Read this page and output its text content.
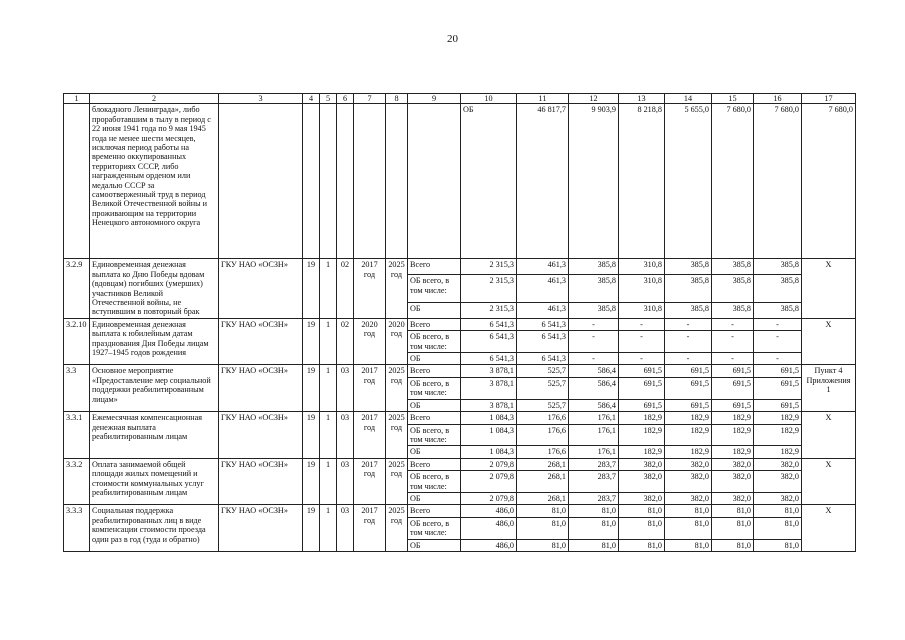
20
1	2	3	4	5	6	7	8	9	10	11	12	13	14	15	16	17	
	блокадного Ленинграда», либо проработавшим в тылу в период с 22 июня 1941 года по 9 мая 1945 года не менее шести месяцев, исключая период работы на временно оккупированных территориях СССР, либо награжденным орденом или медалью СССР за самоотверженный труд в период Великой Отечественной войны и проживающим на территории Ненецкого автономного округа								ОБ	46 817,7	9 903,9	8 218,8	5 655,0	7 680,0	7 680,0	7 680,0	
3.2.9	Единовременная денежная выплата ко Дню Победы вдовам (вдовцам) погибших (умерших) участников Великой Отечественной войны, не вступившим в повторный брак	ГКУ НАО «ОСЗН»	19	1	02	2017 год	2025 год	Всего	2 315,3	461,3	385,8	310,8	385,8	385,8	385,8	Х	
								ОБ всего, в том числе:	2 315,3	461,3	385,8	310,8	385,8	385,8	385,8		
								ОБ	2 315,3	461,3	385,8	310,8	385,8	385,8	385,8		
3.2.10	Единовременная денежная выплата к юбилейным датам празднования Дня Победы лицам 1927–1945 годов рождения	ГКУ НАО «ОСЗН»	19	1	02	2020 год	2020 год	Всего	6 541,3	6 541,3	-	-	-	-	-	Х	
								ОБ всего, в том числе:	6 541,3	6 541,3	-	-	-	-	-		
								ОБ	6 541,3	6 541,3	-	-	-	-	-		
3.3	Основное мероприятие «Предоставление мер социальной поддержки реабилитированным лицам»	ГКУ НАО «ОСЗН»	19	1	03	2017 год	2025 год	Всего	3 878,1	525,7	586,4	691,5	691,5	691,5	691,5	Пункт 4 Приложения 1	
								ОБ всего, в том числе:	3 878,1	525,7	586,4	691,5	691,5	691,5	691,5		
								ОБ	3 878,1	525,7	586,4	691,5	691,5	691,5	691,5		
3.3.1	Ежемесячная компенсационная денежная выплата реабилитированным лицам	ГКУ НАО «ОСЗН»	19	1	03	2017 год	2025 год	Всего	1 084,3	176,6	176,1	182,9	182,9	182,9	182,9	Х	
								ОБ всего, в том числе:	1 084,3	176,6	176,1	182,9	182,9	182,9	182,9		
								ОБ	1 084,3	176,6	176,1	182,9	182,9	182,9	182,9		
3.3.2	Оплата занимаемой общей площади жилых помещений и стоимости коммунальных услуг реабилитированным лицам	ГКУ НАО «ОСЗН»	19	1	03	2017 год	2025 год	Всего	2 079,8	268,1	283,7	382,0	382,0	382,0	382,0	Х	
								ОБ всего, в том числе:	2 079,8	268,1	283,7	382,0	382,0	382,0	382,0		
								ОБ	2 079,8	268,1	283,7	382,0	382,0	382,0	382,0		
3.3.3	Социальная поддержка реабилитированных лиц в виде компенсации стоимости проезда один раз в год (туда и обратно)	ГКУ НАО «ОСЗН»	19	1	03	2017 год	2025 год	Всего	486,0	81,0	81,0	81,0	81,0	81,0	81,0	Х	
								ОБ всего, в том числе:	486,0	81,0	81,0	81,0	81,0	81,0	81,0		
								ОБ	486,0	81,0	81,0	81,0	81,0	81,0	81,0		
